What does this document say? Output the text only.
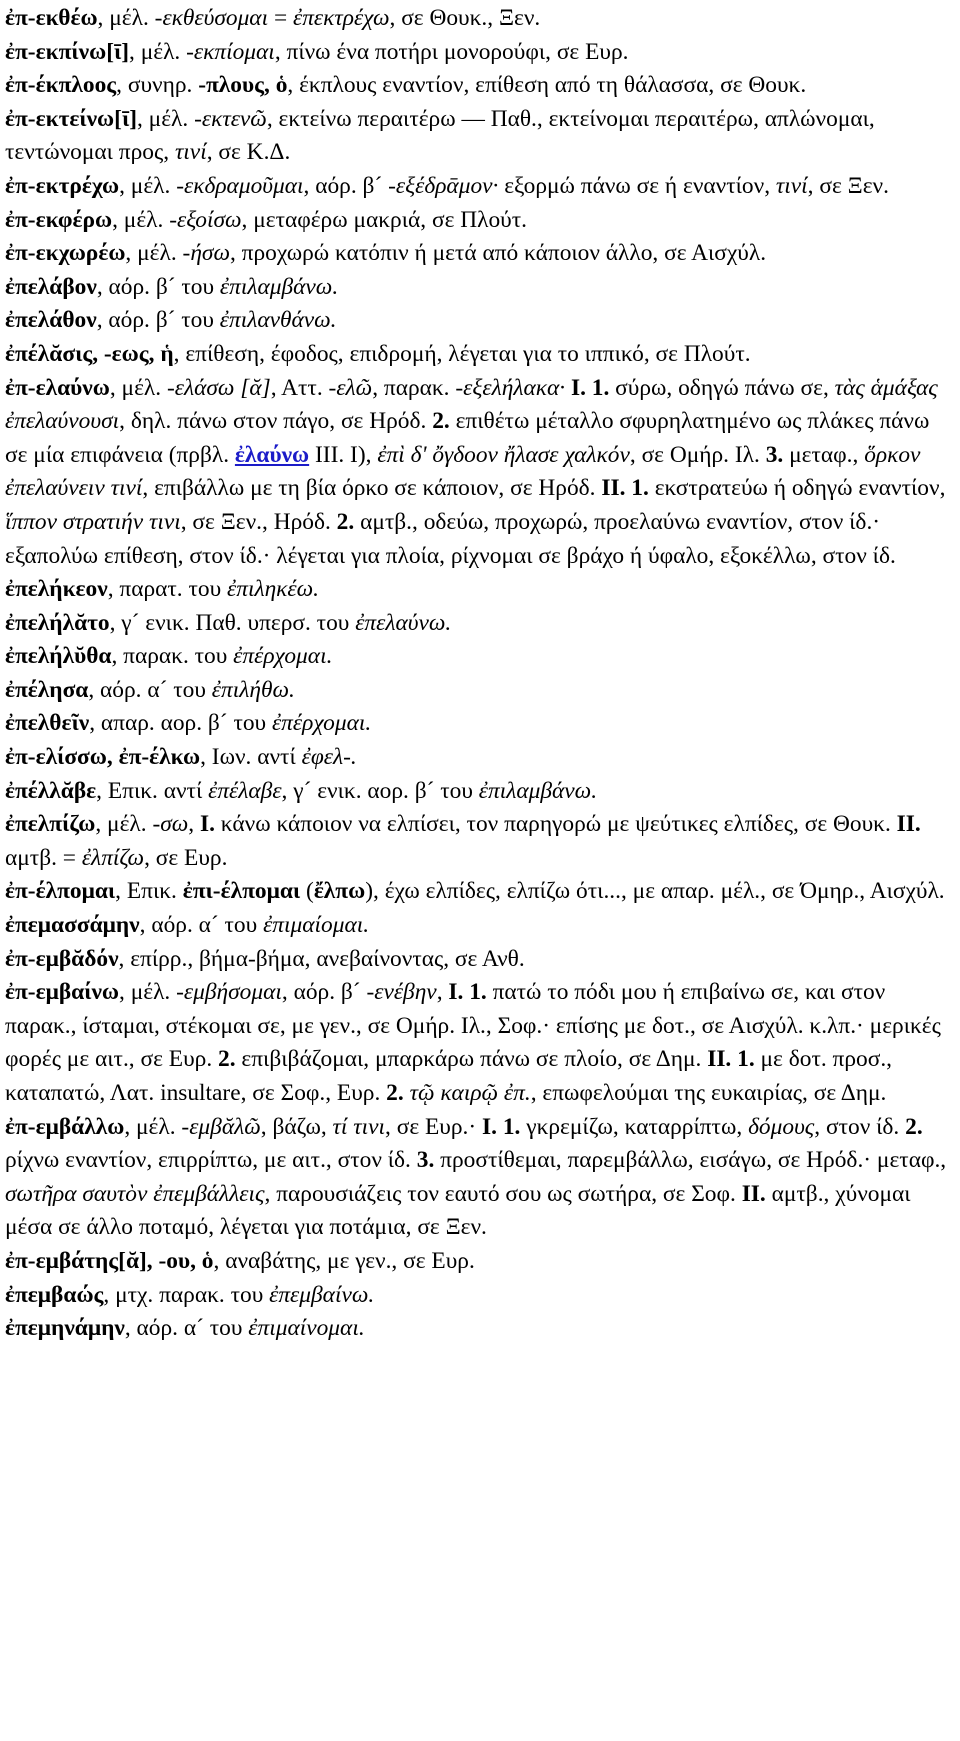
ἐπ-εκθέω, μέλ. -εκθεύσομαι = ἐπεκτρέχω, σε Θουκ., Ξεν.

ἐπ-εκπίνω[ῑ], μέλ. -εκπίομαι, πίνω ένα ποτήρι μονορούφι, σε Ευρ.

ἐπ-έκπλοος, συνηρ. -πλους, ὁ, έκπλους εναντίον, επίθεση από τη θάλασσα, σε Θουκ.

ἐπ-εκτείνω[ῑ], μέλ. -εκτενῶ, εκτείνω περαιτέρω — Παθ., εκτείνομαι περαιτέρω, απλώνομαι, τεντώνομαι προς, τινί, σε Κ.Δ.

ἐπ-εκτρέχω, μέλ. -εκδραμοῦμαι, αόρ. β´ -εξέδρᾱμον· εξορμώ πάνω σε ή εναντίον, τινί, σε Ξεν.

ἐπ-εκφέρω, μέλ. -εξοίσω, μεταφέρω μακριά, σε Πλούτ.

ἐπ-εκχωρέω, μέλ. -ήσω, προχωρώ κατόπιν ή μετά από κάποιον άλλο, σε Αισχύλ.

ἐπελάβον, αόρ. β´ του ἐπιλαμβάνω.

ἐπελάθον, αόρ. β´ του ἐπιλανθάνω.

ἐπέλᾰσις, -εως, ἡ, επίθεση, έφοδος, επιδρομή, λέγεται για το ιππικό, σε Πλούτ.

ἐπ-ελαύνω, μέλ. -ελάσω [ᾰ], Αττ. -ελῶ, παρακ. -εξελήλακα· I. 1. σύρω, οδηγώ πάνω σε, τὰς ἁμάξας ἐπελαύνουσι, δηλ. πάνω στον πάγο, σε Ηρόδ. 2. επιθέτω μέταλλο σφυρηλατημένο ως πλάκες πάνω σε μία επιφάνεια (πρβλ. ἐλαύνω III. I), ἐπὶ δ' ὄγδοον ἤλασε χαλκόν, σε Ομήρ. Ιλ. 3. μεταφ., ὅρκον ἐπελαύνειν τινί, επιβάλλω με τη βία όρκο σε κάποιον, σε Ηρόδ. II. 1. εκστρατεύω ή οδηγώ εναντίον, ἵππον στρατιήν τινι, σε Ξεν., Ηρόδ. 2. αμτβ., οδεύω, προχωρώ, προελαύνω εναντίον, στον ίδ.· εξαπολύω επίθεση, στον ίδ.· λέγεται για πλοία, ρίχνομαι σε βράχο ή ύφαλο, εξοκέλλω, στον ίδ.

ἐπελήκεον, παρατ. του ἐπιληκέω.

ἐπελήλᾰτο, γ´ ενικ. Παθ. υπερσ. του ἐπελαύνω.

ἐπελήλῠθα, παρακ. του ἐπέρχομαι.

ἐπέλησα, αόρ. α´ του ἐπιλήθω.

ἐπελθεῖν, απαρ. αορ. β´ του ἐπέρχομαι.

ἐπ-ελίσσω, ἐπ-έλκω, Ιων. αντί ἐφελ-.

ἐπέλλᾰβε, Επικ. αντί ἐπέλαβε, γ´ ενικ. αορ. β´ του ἐπιλαμβάνω.

ἐπελπίζω, μέλ. -σω, I. κάνω κάποιον να ελπίσει, τον παρηγορώ με ψεύτικες ελπίδες, σε Θουκ. II. αμτβ. = ἐλπίζω, σε Ευρ.

ἐπ-έλπομαι, Επικ. ἐπι-έλπομαι (ἔλπω), έχω ελπίδες, ελπίζω ότι..., με απαρ. μέλ., σε Όμηρ., Αισχύλ.

ἐπεμασσάμην, αόρ. α´ του ἐπιμαίομαι.

ἐπ-εμβᾰδόν, επίρρ., βήμα-βήμα, ανεβαίνοντας, σε Ανθ.

ἐπ-εμβαίνω, μέλ. -εμβήσομαι, αόρ. β´ -ενέβην, I. 1. πατώ το πόδι μου ή επιβαίνω σε, και στον παρακ., ίσταμαι, στέκομαι σε, με γεν., σε Ομήρ. Ιλ., Σοφ.· επίσης με δοτ., σε Αισχύλ. κ.λπ.· μερικές φορές με αιτ., σε Ευρ. 2. επιβιβάζομαι, μπαρκάρω πάνω σε πλοίο, σε Δημ. II. 1. με δοτ. προσ., καταπατώ, Λατ. insultare, σε Σοφ., Ευρ. 2. τῷ καιρῷ ἐπ., επωφελούμαι της ευκαιρίας, σε Δημ.

ἐπ-εμβάλλω, μέλ. -εμβᾰλῶ, βάζω, τί τινι, σε Ευρ.· I. 1. γκρεμίζω, καταρρίπτω, δόμους, στον ίδ. 2. ρίχνω εναντίον, επιρρίπτω, με αιτ., στον ίδ. 3. προστίθεμαι, παρεμβάλλω, εισάγω, σε Ηρόδ.· μεταφ., σωτῆρα σαυτὸν ἐπεμβάλλεις, παρουσιάζεις τον εαυτό σου ως σωτήρα, σε Σοφ. II. αμτβ., χύνομαι μέσα σε άλλο ποταμό, λέγεται για ποτάμια, σε Ξεν.

ἐπ-εμβάτης[ᾰ], -ου, ὁ, αναβάτης, με γεν., σε Ευρ.

ἐπεμβαώς, μτχ. παρακ. του ἐπεμβαίνω.

ἐπεμηνάμην, αόρ. α´ του ἐπιμαίνομαι.
